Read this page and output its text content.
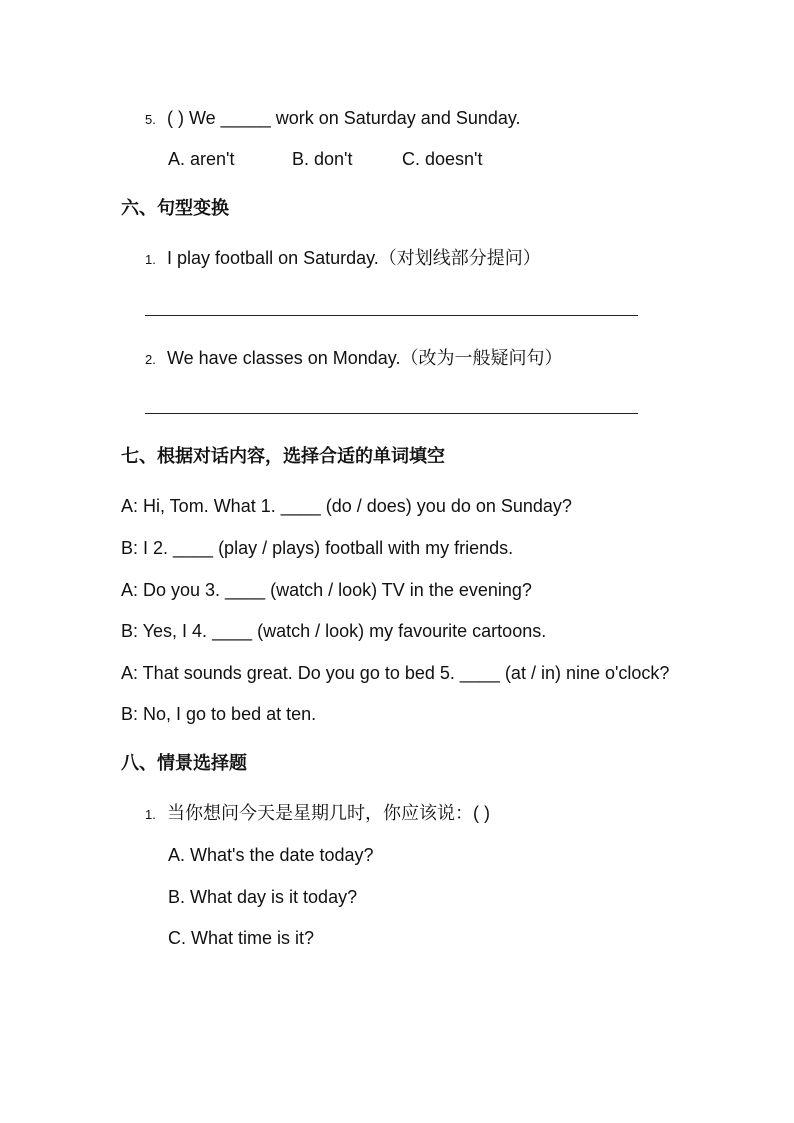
5. ( ) We _____ work on Saturday and Sunday.
A. aren't	B. don't	C. doesn't
六、句型变换
1. I play football on Saturday.（对划线部分提问）
2. We have classes on Monday.（改为一般疑问句）
七、根据对话内容，选择合适的单词填空
A: Hi, Tom. What 1. ____ (do / does) you do on Sunday?
B: I 2. ____ (play / plays) football with my friends.
A: Do you 3. ____ (watch / look) TV in the evening?
B: Yes, I 4. ____ (watch / look) my favourite cartoons.
A: That sounds great. Do you go to bed 5. ____ (at / in) nine o'clock?
B: No, I go to bed at ten.
八、情景选择题
1. 当你想问今天是星期几时，你应该说：( )
A. What's the date today?
B. What day is it today?
C. What time is it?
